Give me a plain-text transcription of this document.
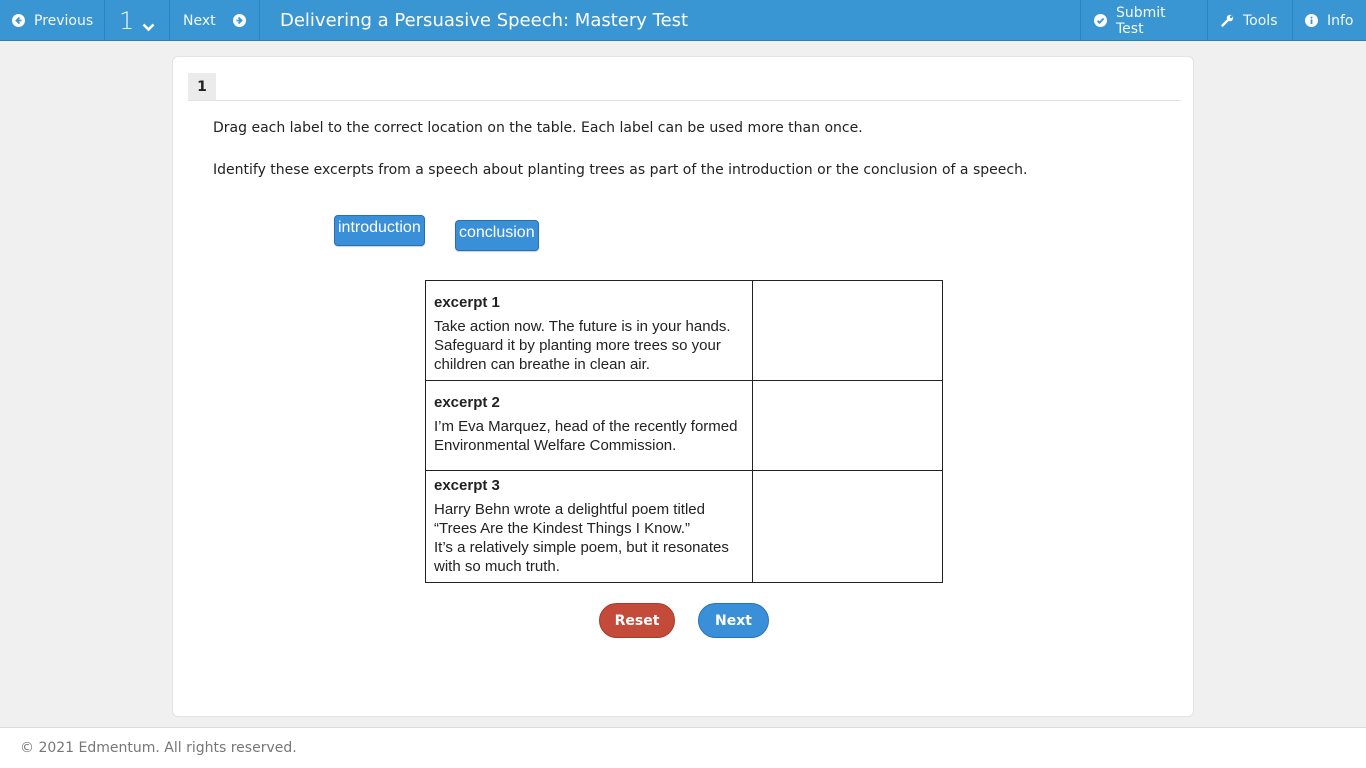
Previous 1	Next	Delivering a Persuasive Speech: Mastery Test	Submit Test	Tools	Info
1
Drag each label to the correct location on the table. Each label can be used more than once.
Identify these excerpts from a speech about planting trees as part of the introduction or the conclusion of a speech.
introduction conclusion
excerpt 1
Take action now. The future is in your hands. Safeguard it by planting more trees so your children can breathe in clean air.	

excerpt 2
I’m Eva Marquez, head of the recently formed Environmental Welfare Commission.	

excerpt 3
Harry Behn wrote a delightful poem titled
“Trees Are the Kindest Things I Know.”
It’s a relatively simple poem, but it resonates with so much truth.	

Reset	Next
© 2021 Edmentum. All rights reserved.
